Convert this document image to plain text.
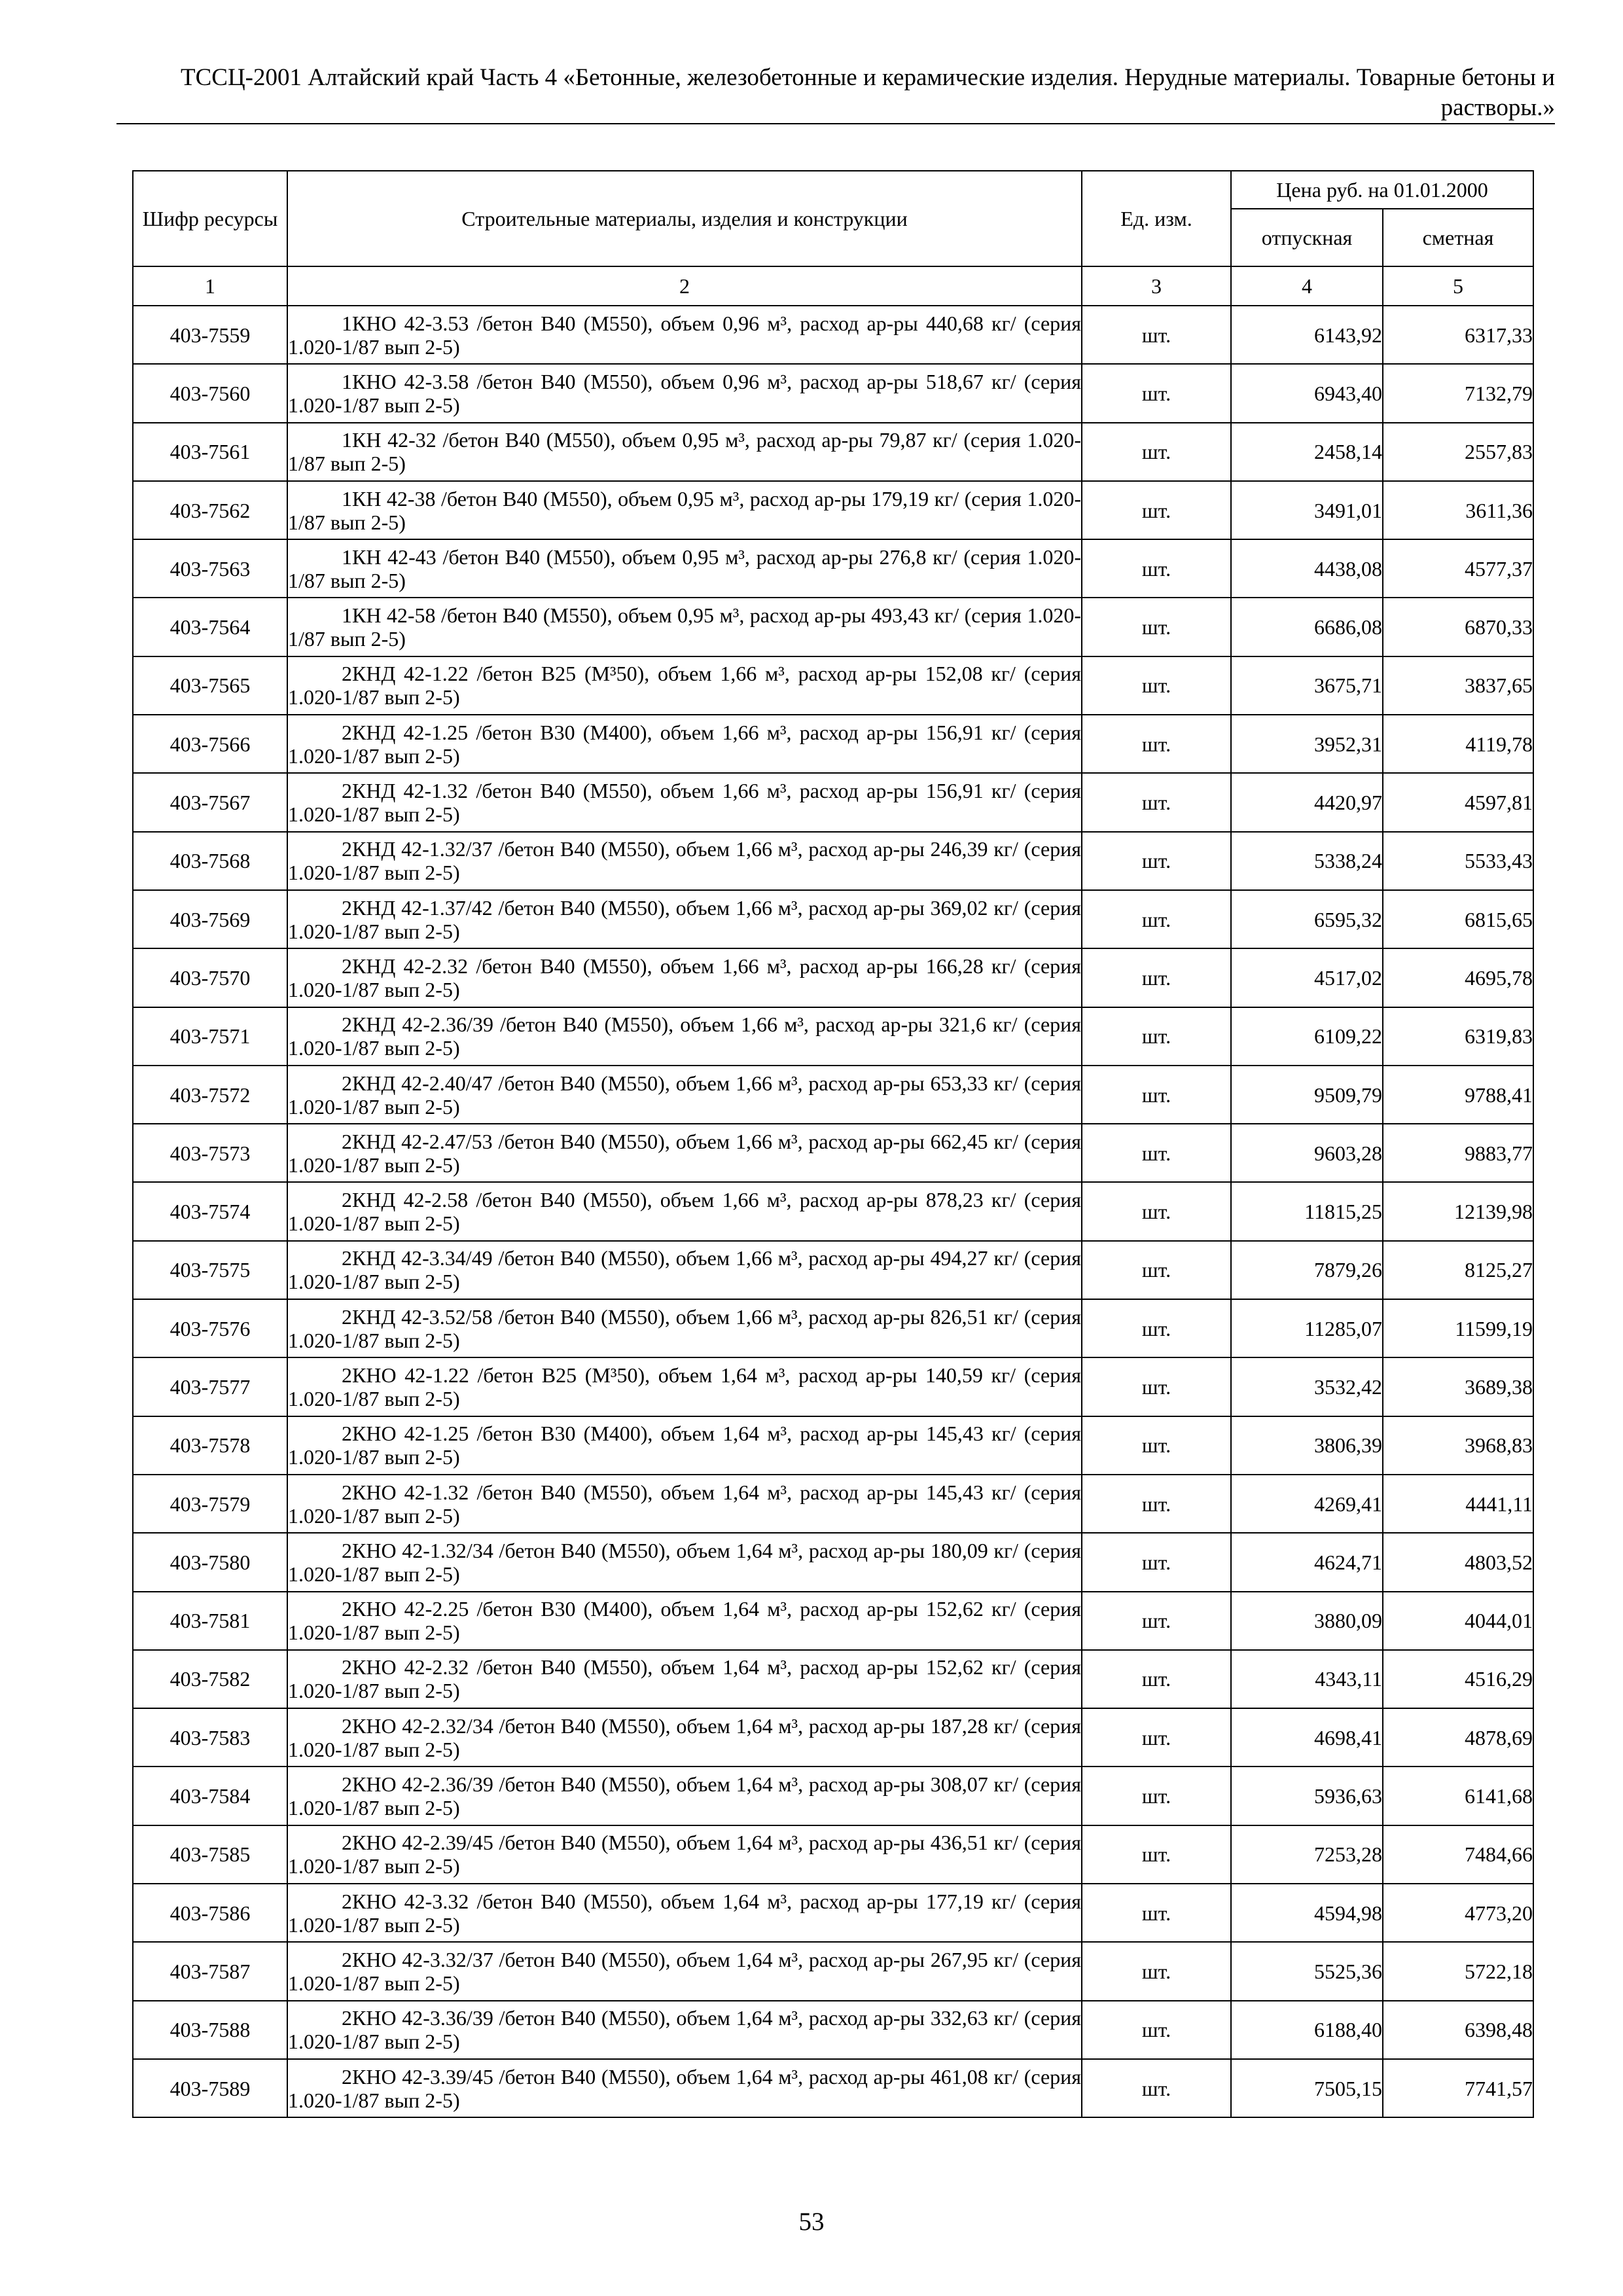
ТССЦ-2001 Алтайский край Часть 4 «Бетонные, железобетонные и керамические изделия. Нерудные материалы. Товарные бетоны и
растворы.»
Шифр ресурсы	Строительные материалы, изделия и конструкции	Ед. изм.	Цена руб. на 01.01.2000	
			отпускная	сметная
1	2	3	4	5
403-7559	1КНО 42-3.53 /бетон В40 (М550), объем 0,96 м³, расход ар-ры 440,68 кг/ (серия 1.020-1/87 вып 2-5)	шт.	6143,92	6317,33
403-7560	1КНО 42-3.58 /бетон В40 (М550), объем 0,96 м³, расход ар-ры 518,67 кг/ (серия 1.020-1/87 вып 2-5)	шт.	6943,40	7132,79
403-7561	1КН 42-32 /бетон В40 (М550), объем 0,95 м³, расход ар-ры 79,87 кг/ (серия 1.020-1/87 вып 2-5)	шт.	2458,14	2557,83
403-7562	1КН 42-38 /бетон В40 (М550), объем 0,95 м³, расход ар-ры 179,19 кг/ (серия 1.020-1/87 вып 2-5)	шт.	3491,01	3611,36
403-7563	1КН 42-43 /бетон В40 (М550), объем 0,95 м³, расход ар-ры 276,8 кг/ (серия 1.020-1/87 вып 2-5)	шт.	4438,08	4577,37
403-7564	1КН 42-58 /бетон В40 (М550), объем 0,95 м³, расход ар-ры 493,43 кг/ (серия 1.020-1/87 вып 2-5)	шт.	6686,08	6870,33
403-7565	2КНД 42-1.22 /бетон В25 (М³50), объем 1,66 м³, расход ар-ры 152,08 кг/ (серия 1.020-1/87 вып 2-5)	шт.	3675,71	3837,65
403-7566	2КНД 42-1.25 /бетон В30 (М400), объем 1,66 м³, расход ар-ры 156,91 кг/ (серия 1.020-1/87 вып 2-5)	шт.	3952,31	4119,78
403-7567	2КНД 42-1.32 /бетон В40 (М550), объем 1,66 м³, расход ар-ры 156,91 кг/ (серия 1.020-1/87 вып 2-5)	шт.	4420,97	4597,81
403-7568	2КНД 42-1.32/37 /бетон В40 (М550), объем 1,66 м³, расход ар-ры 246,39 кг/ (серия 1.020-1/87 вып 2-5)	шт.	5338,24	5533,43
403-7569	2КНД 42-1.37/42 /бетон В40 (М550), объем 1,66 м³, расход ар-ры 369,02 кг/ (серия 1.020-1/87 вып 2-5)	шт.	6595,32	6815,65
403-7570	2КНД 42-2.32 /бетон В40 (М550), объем 1,66 м³, расход ар-ры 166,28 кг/ (серия 1.020-1/87 вып 2-5)	шт.	4517,02	4695,78
403-7571	2КНД 42-2.36/39 /бетон В40 (М550), объем 1,66 м³, расход ар-ры 321,6 кг/ (серия 1.020-1/87 вып 2-5)	шт.	6109,22	6319,83
403-7572	2КНД 42-2.40/47 /бетон В40 (М550), объем 1,66 м³, расход ар-ры 653,33 кг/ (серия 1.020-1/87 вып 2-5)	шт.	9509,79	9788,41
403-7573	2КНД 42-2.47/53 /бетон В40 (М550), объем 1,66 м³, расход ар-ры 662,45 кг/ (серия 1.020-1/87 вып 2-5)	шт.	9603,28	9883,77
403-7574	2КНД 42-2.58 /бетон В40 (М550), объем 1,66 м³, расход ар-ры 878,23 кг/ (серия 1.020-1/87 вып 2-5)	шт.	11815,25	12139,98
403-7575	2КНД 42-3.34/49 /бетон В40 (М550), объем 1,66 м³, расход ар-ры 494,27 кг/ (серия 1.020-1/87 вып 2-5)	шт.	7879,26	8125,27
403-7576	2КНД 42-3.52/58 /бетон В40 (М550), объем 1,66 м³, расход ар-ры 826,51 кг/ (серия 1.020-1/87 вып 2-5)	шт.	11285,07	11599,19
403-7577	2КНО 42-1.22 /бетон В25 (М³50), объем 1,64 м³, расход ар-ры 140,59 кг/ (серия 1.020-1/87 вып 2-5)	шт.	3532,42	3689,38
403-7578	2КНО 42-1.25 /бетон В30 (М400), объем 1,64 м³, расход ар-ры 145,43 кг/ (серия 1.020-1/87 вып 2-5)	шт.	3806,39	3968,83
403-7579	2КНО 42-1.32 /бетон В40 (М550), объем 1,64 м³, расход ар-ры 145,43 кг/ (серия 1.020-1/87 вып 2-5)	шт.	4269,41	4441,11
403-7580	2КНО 42-1.32/34 /бетон В40 (М550), объем 1,64 м³, расход ар-ры 180,09 кг/ (серия 1.020-1/87 вып 2-5)	шт.	4624,71	4803,52
403-7581	2КНО 42-2.25 /бетон В30 (М400), объем 1,64 м³, расход ар-ры 152,62 кг/ (серия 1.020-1/87 вып 2-5)	шт.	3880,09	4044,01
403-7582	2КНО 42-2.32 /бетон В40 (М550), объем 1,64 м³, расход ар-ры 152,62 кг/ (серия 1.020-1/87 вып 2-5)	шт.	4343,11	4516,29
403-7583	2КНО 42-2.32/34 /бетон В40 (М550), объем 1,64 м³, расход ар-ры 187,28 кг/ (серия 1.020-1/87 вып 2-5)	шт.	4698,41	4878,69
403-7584	2КНО 42-2.36/39 /бетон В40 (М550), объем 1,64 м³, расход ар-ры 308,07 кг/ (серия 1.020-1/87 вып 2-5)	шт.	5936,63	6141,68
403-7585	2КНО 42-2.39/45 /бетон В40 (М550), объем 1,64 м³, расход ар-ры 436,51 кг/ (серия 1.020-1/87 вып 2-5)	шт.	7253,28	7484,66
403-7586	2КНО 42-3.32 /бетон В40 (М550), объем 1,64 м³, расход ар-ры 177,19 кг/ (серия 1.020-1/87 вып 2-5)	шт.	4594,98	4773,20
403-7587	2КНО 42-3.32/37 /бетон В40 (М550), объем 1,64 м³, расход ар-ры 267,95 кг/ (серия 1.020-1/87 вып 2-5)	шт.	5525,36	5722,18
403-7588	2КНО 42-3.36/39 /бетон В40 (М550), объем 1,64 м³, расход ар-ры 332,63 кг/ (серия 1.020-1/87 вып 2-5)	шт.	6188,40	6398,48
403-7589	2КНО 42-3.39/45 /бетон В40 (М550), объем 1,64 м³, расход ар-ры 461,08 кг/ (серия 1.020-1/87 вып 2-5)	шт.	7505,15	7741,57
53
